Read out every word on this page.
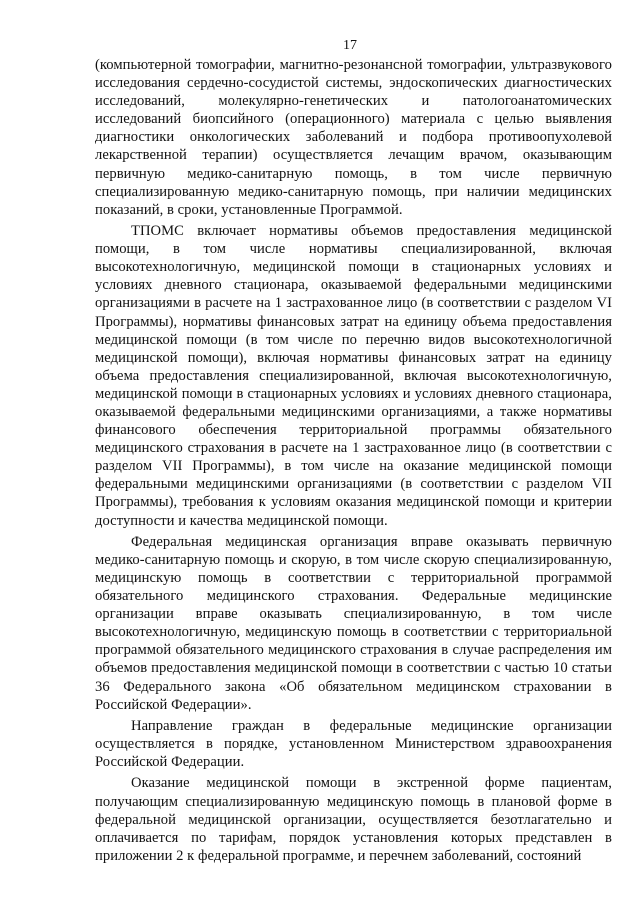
17

(компьютерной томографии, магнитно-резонансной томографии, ультразвукового исследования сердечно-сосудистой системы, эндоскопических диагностических исследований, молекулярно-генетических и патологоанатомических исследований биопсийного (операционного) материала с целью выявления диагностики онкологических заболеваний и подбора противоопухолевой лекарственной терапии) осуществляется лечащим врачом, оказывающим первичную медико-санитарную помощь, в том числе первичную специализированную медико-санитарную помощь, при наличии медицинских показаний, в сроки, установленные Программой.

ТПОМС включает нормативы объемов предоставления медицинской помощи, в том числе нормативы специализированной, включая высокотехнологичную, медицинской помощи в стационарных условиях и условиях дневного стационара, оказываемой федеральными медицинскими организациями в расчете на 1 застрахованное лицо (в соответствии с разделом VI Программы), нормативы финансовых затрат на единицу объема предоставления медицинской помощи (в том числе по перечню видов высокотехнологичной медицинской помощи), включая нормативы финансовых затрат на единицу объема предоставления специализированной, включая высокотехнологичную, медицинской помощи в стационарных условиях и условиях дневного стационара, оказываемой федеральными медицинскими организациями, а также нормативы финансового обеспечения территориальной программы обязательного медицинского страхования в расчете на 1 застрахованное лицо (в соответствии с разделом VII Программы), в том числе на оказание медицинской помощи федеральными медицинскими организациями (в соответствии с разделом VII Программы), требования к условиям оказания медицинской помощи и критерии доступности и качества медицинской помощи.

Федеральная медицинская организация вправе оказывать первичную медико-санитарную помощь и скорую, в том числе скорую специализированную, медицинскую помощь в соответствии с территориальной программой обязательного медицинского страхования. Федеральные медицинские организации вправе оказывать специализированную, в том числе высокотехнологичную, медицинскую помощь в соответствии с территориальной программой обязательного медицинского страхования в случае распределения им объемов предоставления медицинской помощи в соответствии с частью 10 статьи 36 Федерального закона «Об обязательном медицинском страховании в Российской Федерации».

Направление граждан в федеральные медицинские организации осуществляется в порядке, установленном Министерством здравоохранения Российской Федерации.

Оказание медицинской помощи в экстренной форме пациентам, получающим специализированную медицинскую помощь в плановой форме в федеральной медицинской организации, осуществляется безотлагательно и оплачивается по тарифам, порядок установления которых представлен в приложении 2 к федеральной программе, и перечнем заболеваний, состояний
